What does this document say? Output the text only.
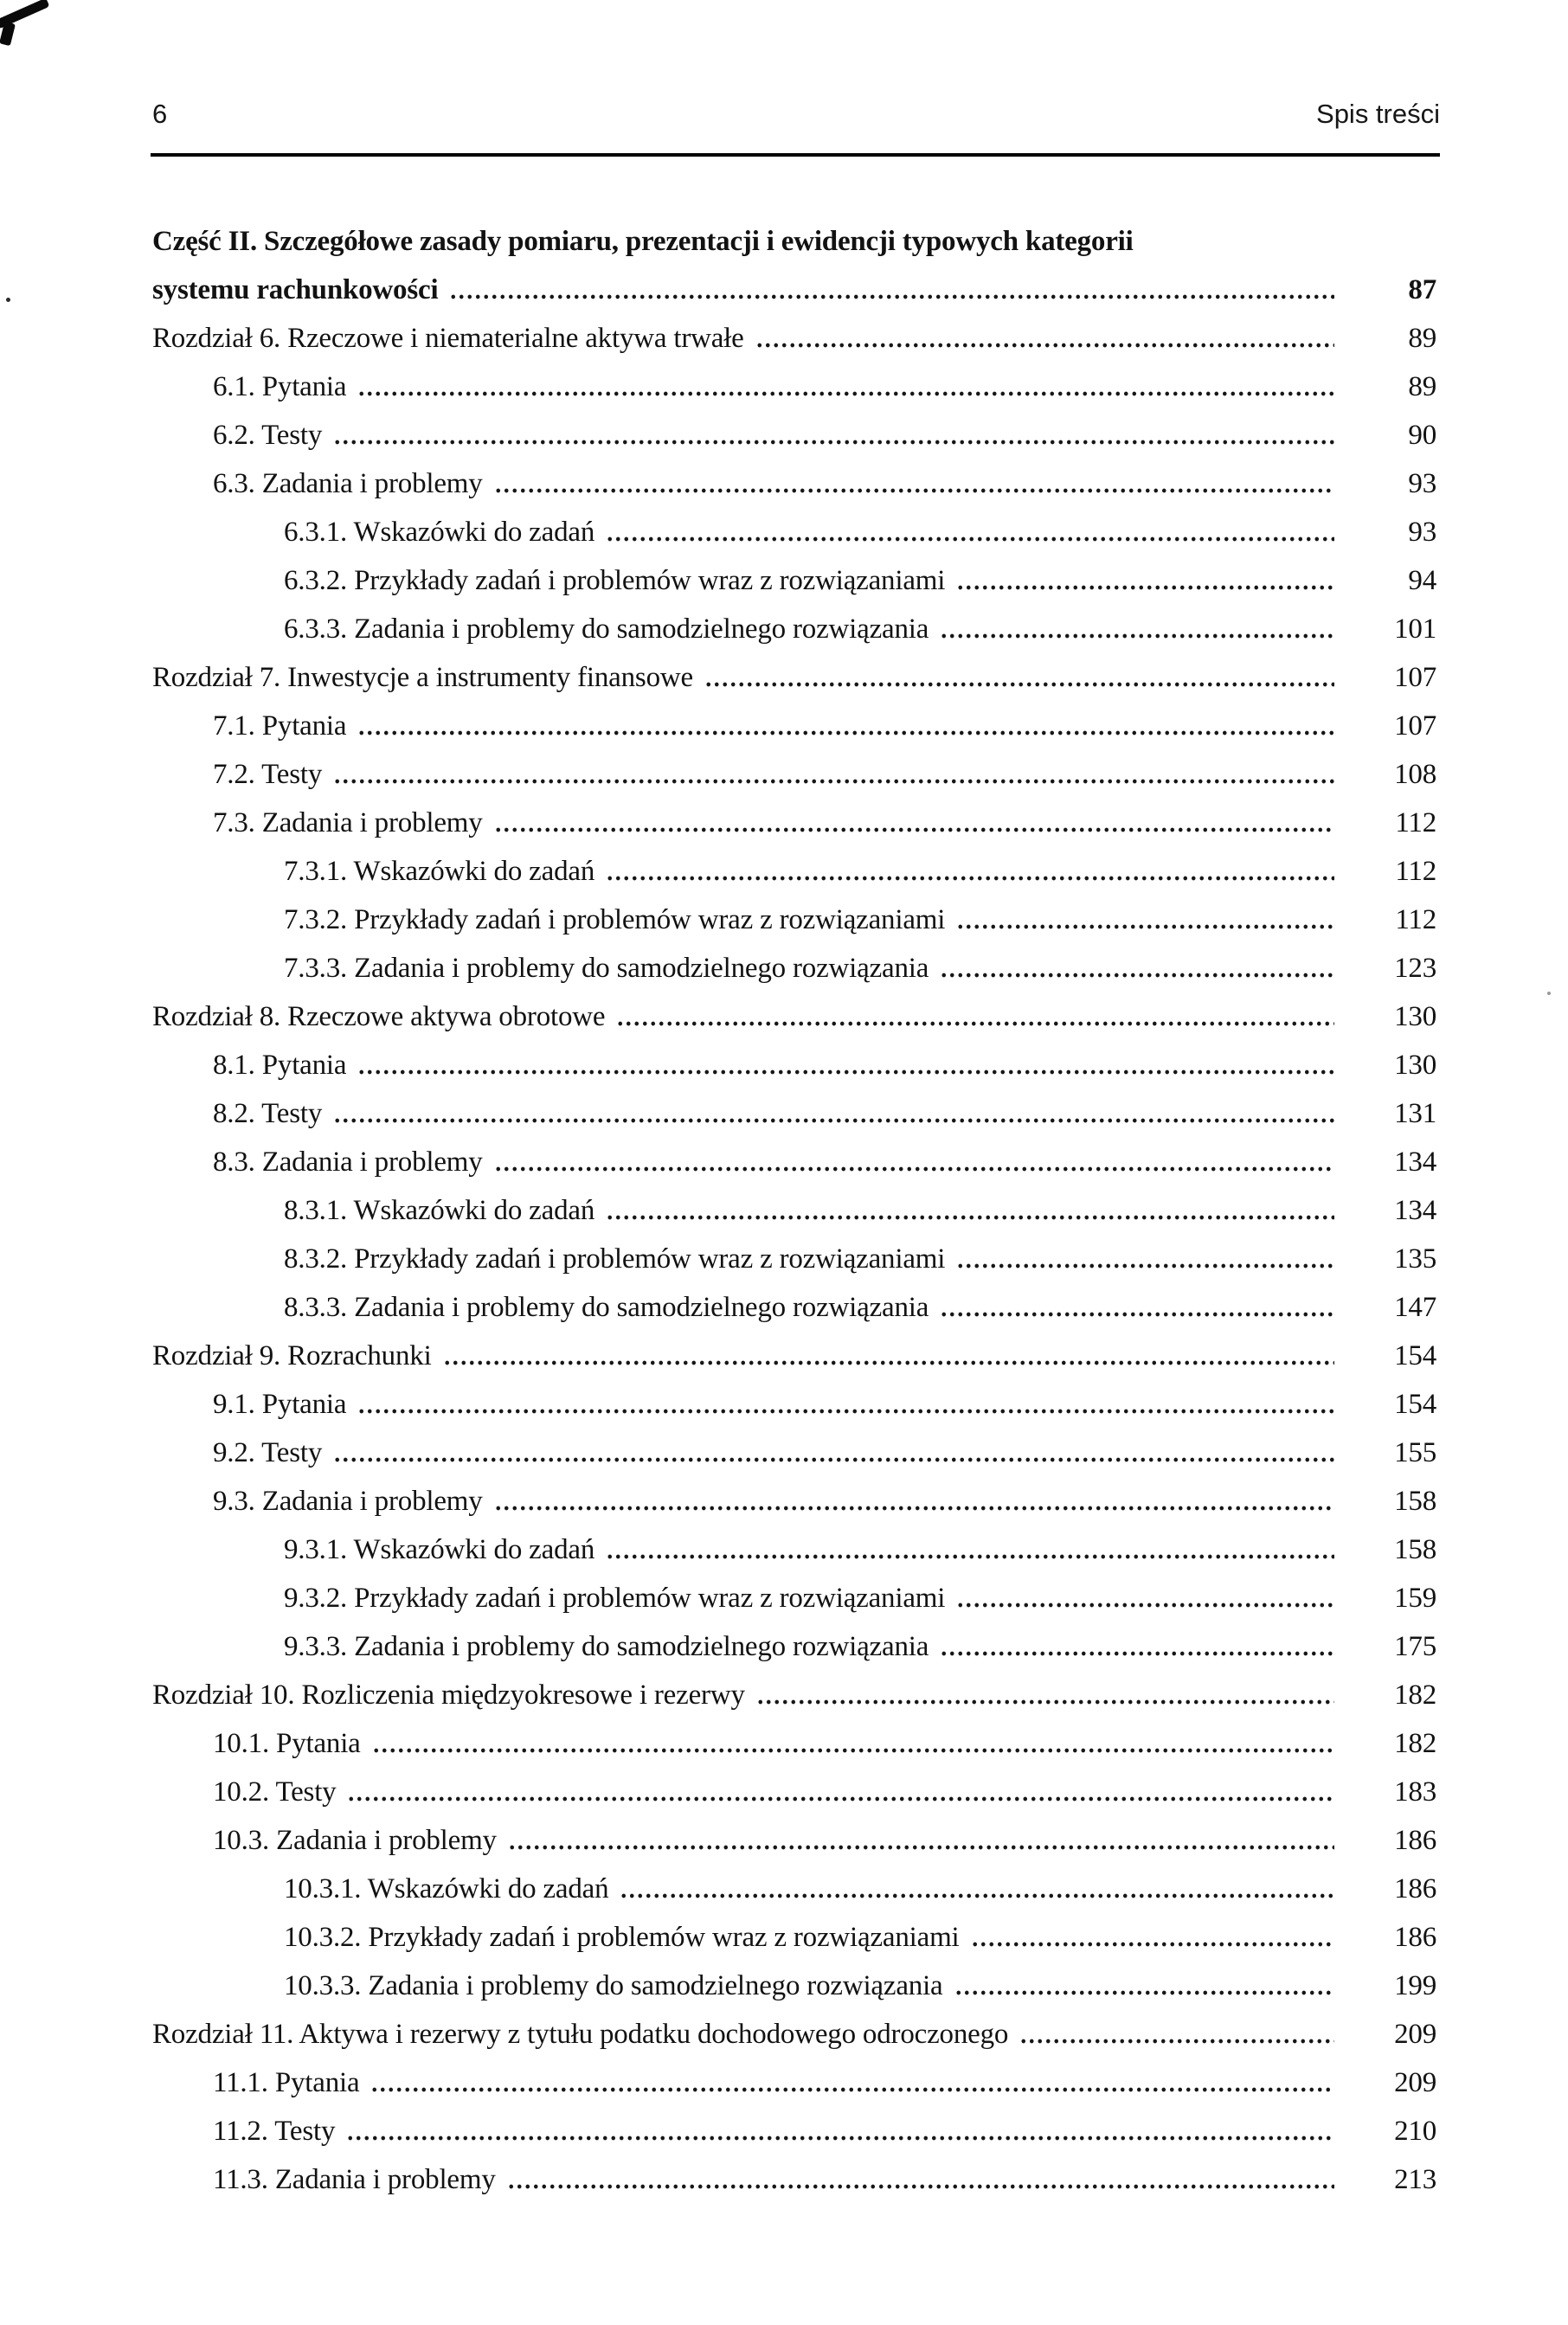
6	Spis treści
Część II. Szczegółowe zasady pomiaru, prezentacji i ewidencji typowych kategorii
systemu rachunkowości	87
Rozdział 6. Rzeczowe i niematerialne aktywa trwałe	89
6.1. Pytania	89
6.2. Testy	90
6.3. Zadania i problemy	93
6.3.1. Wskazówki do zadań	93
6.3.2. Przykłady zadań i problemów wraz z rozwiązaniami	94
6.3.3. Zadania i problemy do samodzielnego rozwiązania	101
Rozdział 7. Inwestycje a instrumenty finansowe	107
7.1. Pytania	107
7.2. Testy	108
7.3. Zadania i problemy	112
7.3.1. Wskazówki do zadań	112
7.3.2. Przykłady zadań i problemów wraz z rozwiązaniami	112
7.3.3. Zadania i problemy do samodzielnego rozwiązania	123
Rozdział 8. Rzeczowe aktywa obrotowe	130
8.1. Pytania	130
8.2. Testy	131
8.3. Zadania i problemy	134
8.3.1. Wskazówki do zadań	134
8.3.2. Przykłady zadań i problemów wraz z rozwiązaniami	135
8.3.3. Zadania i problemy do samodzielnego rozwiązania	147
Rozdział 9. Rozrachunki	154
9.1. Pytania	154
9.2. Testy	155
9.3. Zadania i problemy	158
9.3.1. Wskazówki do zadań	158
9.3.2. Przykłady zadań i problemów wraz z rozwiązaniami	159
9.3.3. Zadania i problemy do samodzielnego rozwiązania	175
Rozdział 10. Rozliczenia międzyokresowe i rezerwy	182
10.1. Pytania	182
10.2. Testy	183
10.3. Zadania i problemy	186
10.3.1. Wskazówki do zadań	186
10.3.2. Przykłady zadań i problemów wraz z rozwiązaniami	186
10.3.3. Zadania i problemy do samodzielnego rozwiązania	199
Rozdział 11. Aktywa i rezerwy z tytułu podatku dochodowego odroczonego	209
11.1. Pytania	209
11.2. Testy	210
11.3. Zadania i problemy	213
